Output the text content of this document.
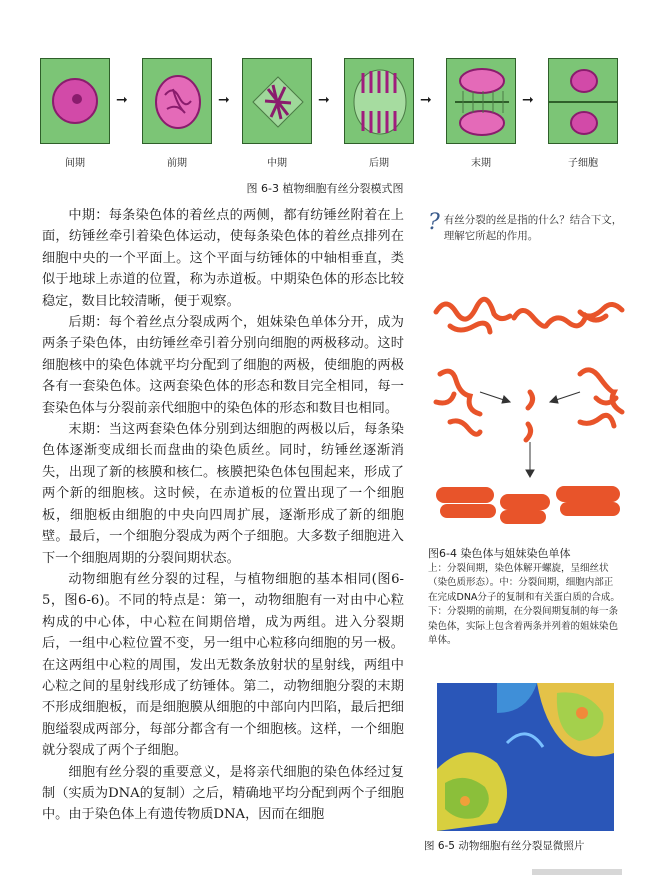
间期
➞
前期
➞
中期
➞
后期
➞
末期
➞
子细胞
图 6-3 植物细胞有丝分裂模式图

中期：每条染色体的着丝点的两侧，都有纺锤丝附着在上面，纺锤丝牵引着染色体运动，使每条染色体的着丝点排列在细胞中央的一个平面上。这个平面与纺锤体的中轴相垂直，类似于地球上赤道的位置，称为赤道板。中期染色体的形态比较稳定，数目比较清晰，便于观察。

后期：每个着丝点分裂成两个，姐妹染色单体分开，成为两条子染色体，由纺锤丝牵引着分别向细胞的两极移动。这时细胞核中的染色体就平均分配到了细胞的两极，使细胞的两极各有一套染色体。这两套染色体的形态和数目完全相同，每一套染色体与分裂前亲代细胞中的染色体的形态和数目也相同。

末期：当这两套染色体分别到达细胞的两极以后，每条染色体逐渐变成细长而盘曲的染色质丝。同时，纺锤丝逐渐消失，出现了新的核膜和核仁。核膜把染色体包围起来，形成了两个新的细胞核。这时候，在赤道板的位置出现了一个细胞板，细胞板由细胞的中央向四周扩展，逐渐形成了新的细胞壁。最后，一个细胞分裂成为两个子细胞。大多数子细胞进入下一个细胞周期的分裂间期状态。

动物细胞有丝分裂的过程，与植物细胞的基本相同(图6-5，图6-6)。不同的特点是：第一，动物细胞有一对由中心粒构成的中心体，中心粒在间期倍增，成为两组。进入分裂期后，一组中心粒位置不变，另一组中心粒移向细胞的另一极。在这两组中心粒的周围，发出无数条放射状的星射线，两组中心粒之间的星射线形成了纺锤体。第二，动物细胞分裂的末期不形成细胞板，而是细胞膜从细胞的中部向内凹陷，最后把细胞缢裂成两部分，每部分都含有一个细胞核。这样，一个细胞就分裂成了两个子细胞。

细胞有丝分裂的重要意义，是将亲代细胞的染色体经过复制（实质为DNA的复制）之后，精确地平均分配到两个子细胞中。由于染色体上有遗传物质DNA，因而在细胞

? 有丝分裂的丝是指的什么？结合下文，理解它所起的作用。
图6-4 染色体与姐妹染色单体
上：分裂间期，染色体解开螺旋，呈细丝状（染色质形态）。中：分裂间期，细胞内部正在完成DNA分子的复制和有关蛋白质的合成。下：分裂期的前期，在分裂间期复制的每一条染色体，实际上包含着两条并列着的姐妹染色单体。
图 6-5 动物细胞有丝分裂显微照片
